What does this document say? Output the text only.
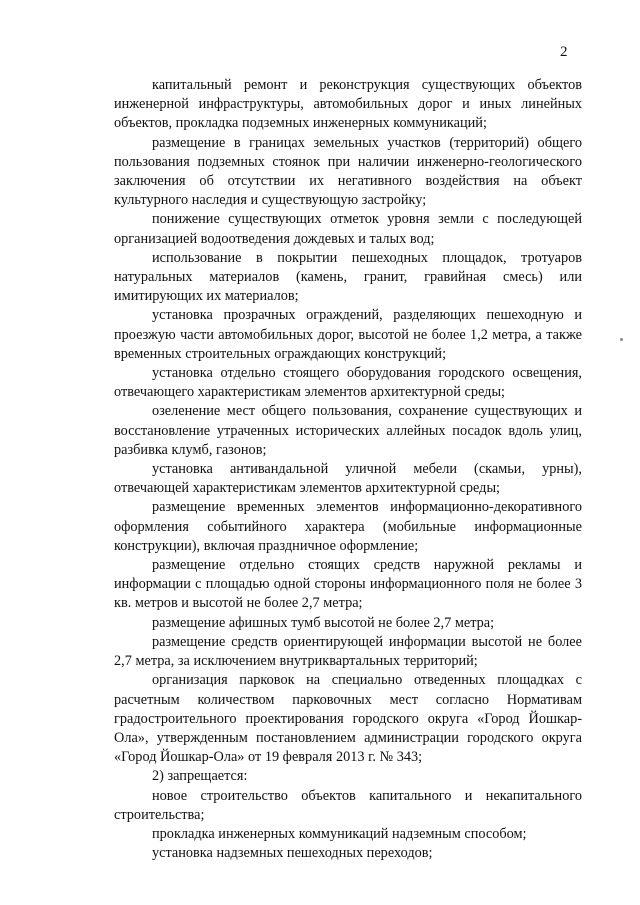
2

капитальный ремонт и реконструкция существующих объектов инженерной инфраструктуры, автомобильных дорог и иных линейных объектов, прокладка подземных инженерных коммуникаций;

размещение в границах земельных участков (территорий) общего пользования подземных стоянок при наличии инженерно-геологического заключения об отсутствии их негативного воздействия на объект культурного наследия и существующую застройку;

понижение существующих отметок уровня земли с последующей организацией водоотведения дождевых и талых вод;

использование в покрытии пешеходных площадок, тротуаров натуральных материалов (камень, гранит, гравийная смесь) или имитирующих их материалов;

установка прозрачных ограждений, разделяющих пешеходную и проезжую части автомобильных дорог, высотой не более 1,2 метра, а также временных строительных ограждающих конструкций;

установка отдельно стоящего оборудования городского освещения, отвечающего характеристикам элементов архитектурной среды;

озеленение мест общего пользования, сохранение существующих и восстановление утраченных исторических аллейных посадок вдоль улиц, разбивка клумб, газонов;

установка антивандальной уличной мебели (скамьи, урны), отвечающей характеристикам элементов архитектурной среды;

размещение временных элементов информационно-декоративного оформления событийного характера (мобильные информационные конструкции), включая праздничное оформление;

размещение отдельно стоящих средств наружной рекламы и информации с площадью одной стороны информационного поля не более 3 кв. метров и высотой не более 2,7 метра;

размещение афишных тумб высотой не более 2,7 метра;

размещение средств ориентирующей информации высотой не более 2,7 метра, за исключением внутриквартальных территорий;

организация парковок на специально отведенных площадках с расчетным количеством парковочных мест согласно Нормативам градостроительного проектирования городского округа «Город Йошкар-Ола», утвержденным постановлением администрации городского округа «Город Йошкар-Ола» от 19 февраля 2013 г. № 343;

2) запрещается:

новое строительство объектов капитального и некапитального строительства;

прокладка инженерных коммуникаций надземным способом;

установка надземных пешеходных переходов;
